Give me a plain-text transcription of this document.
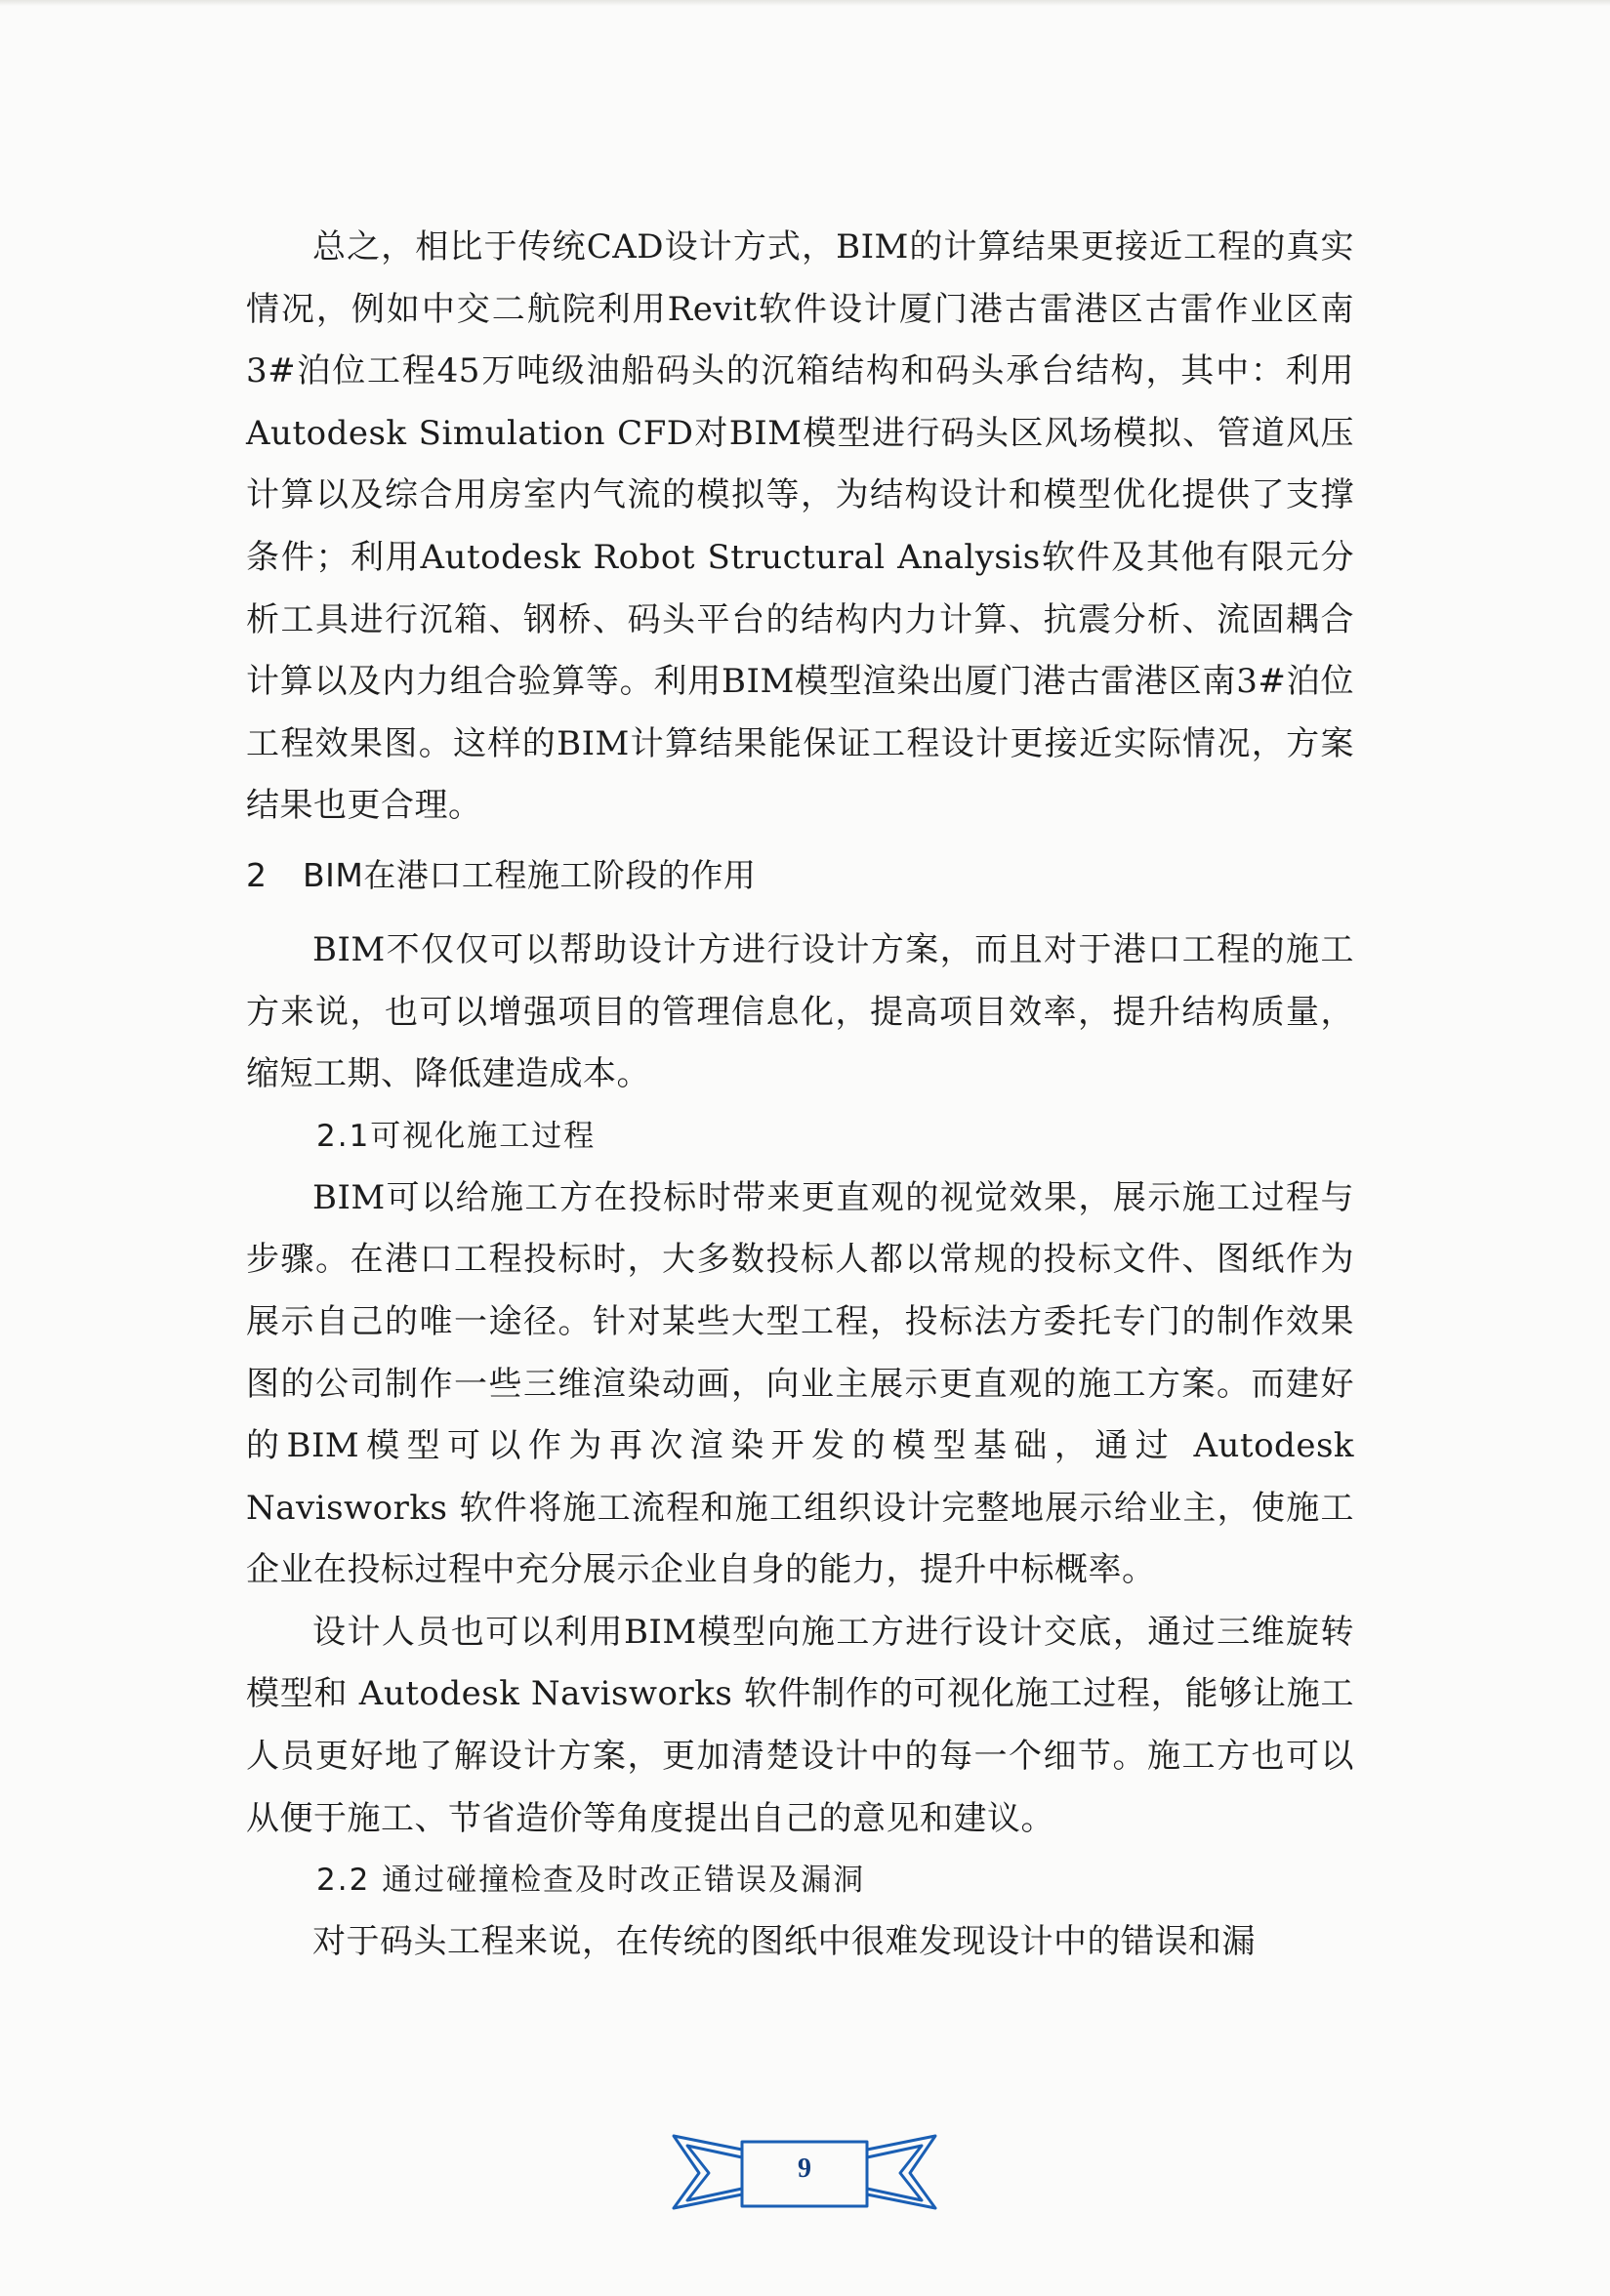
总之，相比于传统CAD设计方式，BIM的计算结果更接近工程的真实情况，例如中交二航院利用Revit软件设计厦门港古雷港区古雷作业区南3#泊位工程45万吨级油船码头的沉箱结构和码头承台结构，其中：利用Autodesk Simulation CFD对BIM模型进行码头区风场模拟、管道风压计算以及综合用房室内气流的模拟等，为结构设计和模型优化提供了支撑条件；利用Autodesk Robot Structural Analysis软件及其他有限元分析工具进行沉箱、钢桥、码头平台的结构内力计算、抗震分析、流固耦合计算以及内力组合验算等。利用BIM模型渲染出厦门港古雷港区南3#泊位工程效果图。这样的BIM计算结果能保证工程设计更接近实际情况，方案结果也更合理。

2 BIM在港口工程施工阶段的作用

BIM不仅仅可以帮助设计方进行设计方案，而且对于港口工程的施工方来说，也可以增强项目的管理信息化，提高项目效率，提升结构质量，缩短工期、降低建造成本。

2.1可视化施工过程

BIM可以给施工方在投标时带来更直观的视觉效果，展示施工过程与步骤。在港口工程投标时，大多数投标人都以常规的投标文件、图纸作为展示自己的唯一途径。针对某些大型工程，投标法方委托专门的制作效果图的公司制作一些三维渲染动画，向业主展示更直观的施工方案。而建好的BIM模型可以作为再次渲染开发的模型基础，通过 Autodesk Navisworks 软件将施工流程和施工组织设计完整地展示给业主，使施工企业在投标过程中充分展示企业自身的能力，提升中标概率。

设计人员也可以利用BIM模型向施工方进行设计交底，通过三维旋转模型和 Autodesk Navisworks 软件制作的可视化施工过程，能够让施工人员更好地了解设计方案，更加清楚设计中的每一个细节。施工方也可以从便于施工、节省造价等角度提出自己的意见和建议。

2.2 通过碰撞检查及时改正错误及漏洞

对于码头工程来说，在传统的图纸中很难发现设计中的错误和漏

9
